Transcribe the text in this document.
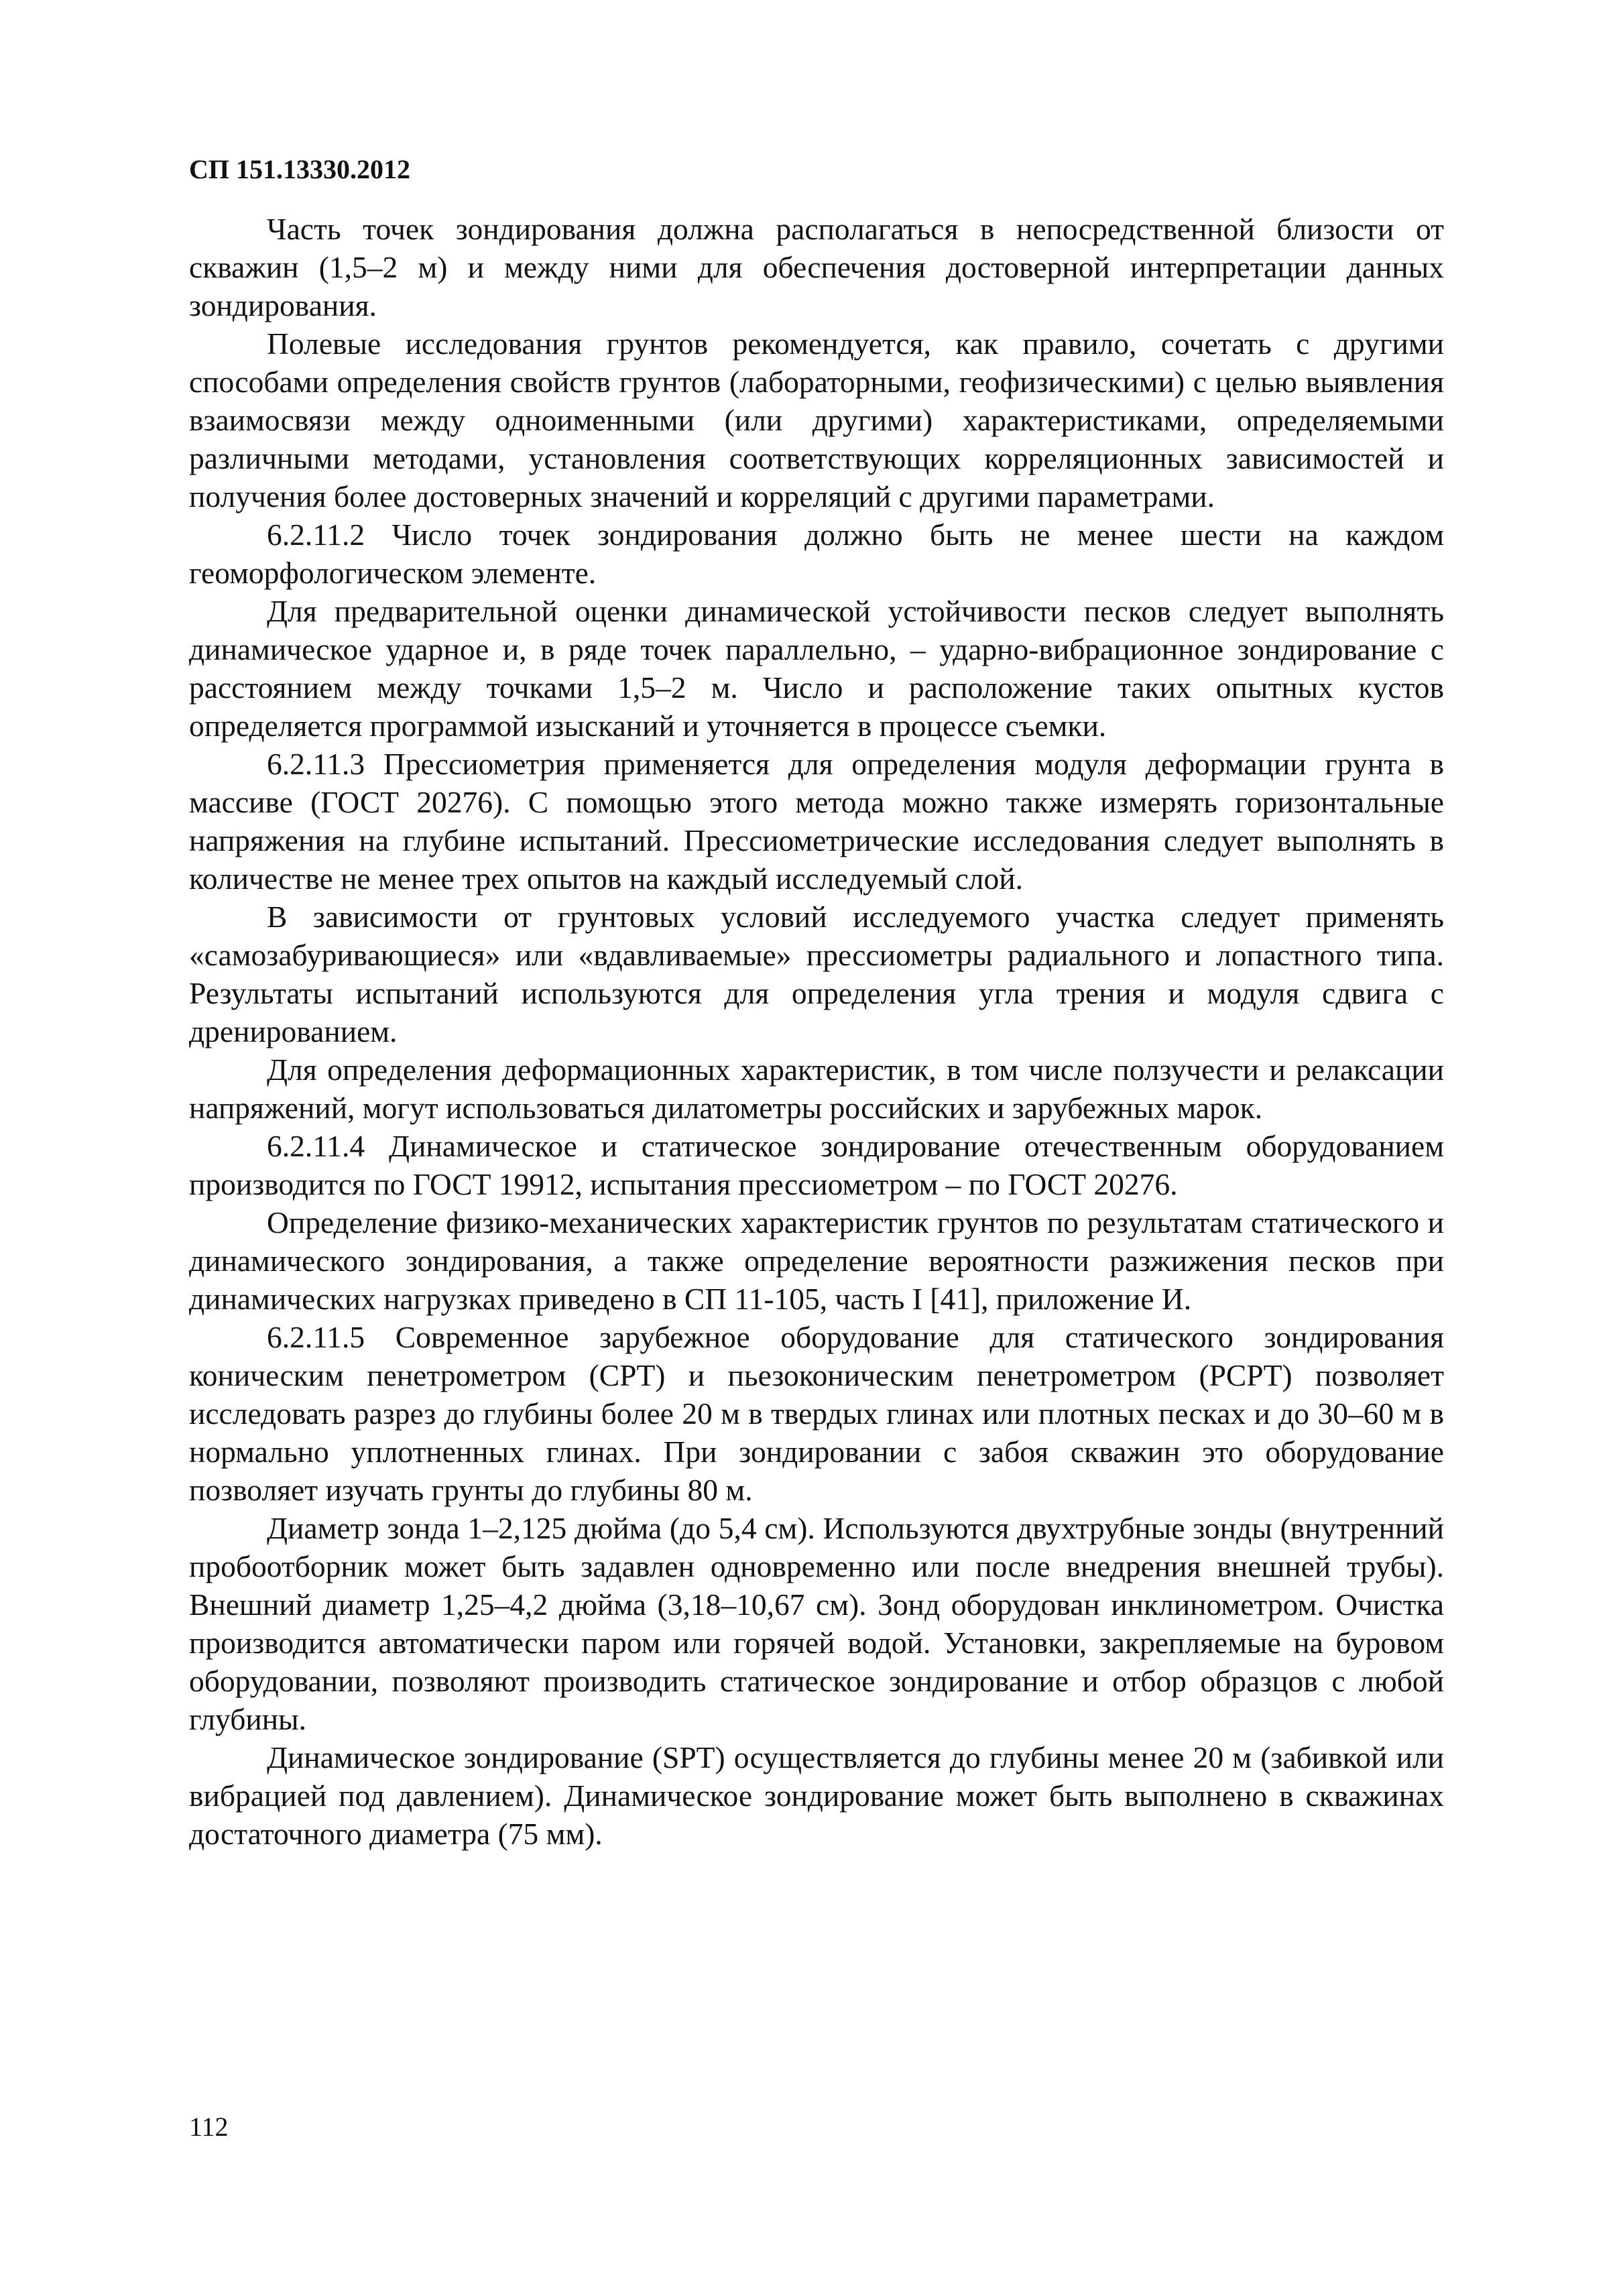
СП 151.13330.2012

Часть точек зондирования должна располагаться в непосредственной близости от скважин (1,5–2 м) и между ними для обеспечения достоверной интерпретации данных зондирования.

Полевые исследования грунтов рекомендуется, как правило, сочетать с другими способами определения свойств грунтов (лабораторными, геофизическими) с целью выявления взаимосвязи между одноименными (или другими) характеристиками, определяемыми различными методами, установления соответствующих корреляционных зависимостей и получения более достоверных значений и корреляций с другими параметрами.

6.2.11.2 Число точек зондирования должно быть не менее шести на каждом геоморфологическом элементе.

Для предварительной оценки динамической устойчивости песков следует выполнять динамическое ударное и, в ряде точек параллельно, – ударно-вибрационное зондирование с расстоянием между точками 1,5–2 м. Число и расположение таких опытных кустов определяется программой изысканий и уточняется в процессе съемки.

6.2.11.3 Прессиометрия применяется для определения модуля деформации грунта в массиве (ГОСТ 20276). С помощью этого метода можно также измерять горизонтальные напряжения на глубине испытаний. Прессиометрические исследования следует выполнять в количестве не менее трех опытов на каждый исследуемый слой.

В зависимости от грунтовых условий исследуемого участка следует применять «самозабуривающиеся» или «вдавливаемые» прессиометры радиального и лопастного типа. Результаты испытаний используются для определения угла трения и модуля сдвига с дренированием.

Для определения деформационных характеристик, в том числе ползучести и релаксации напряжений, могут использоваться дилатометры российских и зарубежных марок.

6.2.11.4 Динамическое и статическое зондирование отечественным оборудованием производится по ГОСТ 19912, испытания прессиометром – по ГОСТ 20276.

Определение физико-механических характеристик грунтов по результатам статического и динамического зондирования, а также определение вероятности разжижения песков при динамических нагрузках приведено в СП 11-105, часть I [41], приложение И.

6.2.11.5 Современное зарубежное оборудование для статического зондирования коническим пенетрометром (CPT) и пьезоконическим пенетрометром (PCPT) позволяет исследовать разрез до глубины более 20 м в твердых глинах или плотных песках и до 30–60 м в нормально уплотненных глинах. При зондировании с забоя скважин это оборудование позволяет изучать грунты до глубины 80 м.

Диаметр зонда 1–2,125 дюйма (до 5,4 см). Используются двухтрубные зонды (внутренний пробоотборник может быть задавлен одновременно или после внедрения внешней трубы). Внешний диаметр 1,25–4,2 дюйма (3,18–10,67 см). Зонд оборудован инклинометром. Очистка производится автоматически паром или горячей водой. Установки, закрепляемые на буровом оборудовании, позволяют производить статическое зондирование и отбор образцов с любой глубины.

Динамическое зондирование (SPT) осуществляется до глубины менее 20 м (забивкой или вибрацией под давлением). Динамическое зондирование может быть выполнено в скважинах достаточного диаметра (75 мм).

112
